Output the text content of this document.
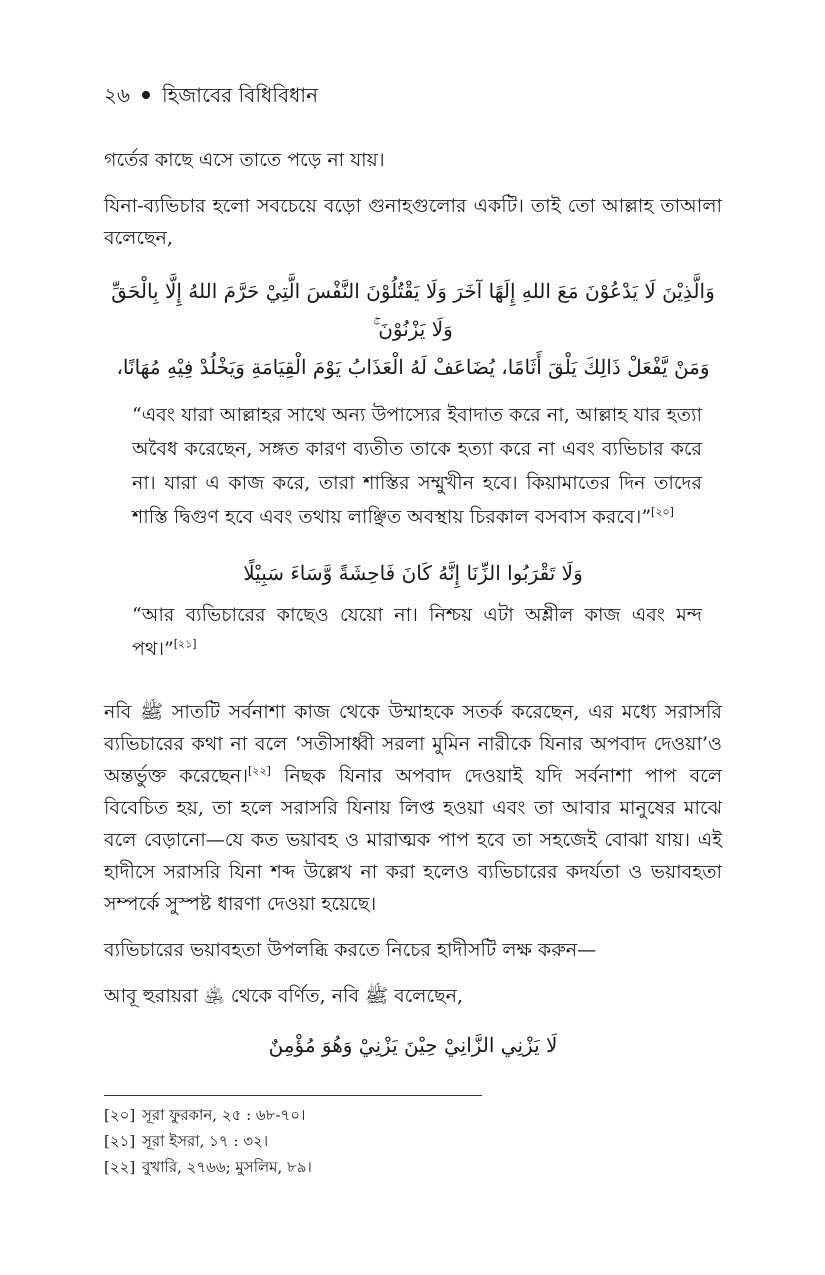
২৬ হিজাবের বিধিবিধান

গর্তের কাছে এসে তাতে পড়ে না যায়।

যিনা-ব্যভিচার হলো সবচেয়ে বড়ো গুনাহগুলোর একটি। তাই তো আল্লাহ তাআলা বলেছেন,

وَالَّذِيْنَ لَا يَدْعُوْنَ مَعَ اللهِ إِلَهًا آخَرَ وَلَا يَقْتُلُوْنَ النَّفْسَ الَّتِيْ حَرَّمَ اللهُ إِلَّا بِالْحَقِّ وَلَا يَزْنُوْنَ ۚ
وَمَنْ يَّفْعَلْ ذَالِكَ يَلْقَ أَثَامًا، يُضَاعَفْ لَهُ الْعَذَابُ يَوْمَ الْقِيَامَةِ وَيَخْلُدْ فِيْهِ مُهَانًا،

“এবং যারা আল্লাহর সাথে অন্য উপাস্যের ইবাদাত করে না, আল্লাহ যার হত্যা অবৈধ করেছেন, সঙ্গত কারণ ব্যতীত তাকে হত্যা করে না এবং ব্যভিচার করে না। যারা এ কাজ করে, তারা শাস্তির সম্মুখীন হবে। কিয়ামাতের দিন তাদের শাস্তি দ্বিগুণ হবে এবং তথায় লাঞ্ছিত অবস্থায় চিরকাল বসবাস করবে।”[২০]

وَلَا تَقْرَبُوا الزِّنَا إِنَّهُ كَانَ فَاحِشَةً وَّسَاءَ سَبِيْلًا

“আর ব্যভিচারের কাছেও যেয়ো না। নিশ্চয় এটা অশ্লীল কাজ এবং মন্দ পথ।”[২১]

নবি ﷺ সাতটি সর্বনাশা কাজ থেকে উম্মাহকে সতর্ক করেছেন, এর মধ্যে সরাসরি ব্যভিচারের কথা না বলে ‘সতীসাধ্বী সরলা মুমিন নারীকে যিনার অপবাদ দেওয়া’ও অন্তর্ভুক্ত করেছেন।[২২] নিছক যিনার অপবাদ দেওয়াই যদি সর্বনাশা পাপ বলে বিবেচিত হয়, তা হলে সরাসরি যিনায় লিপ্ত হওয়া এবং তা আবার মানুষের মাঝে বলে বেড়ানো—যে কত ভয়াবহ ও মারাত্মক পাপ হবে তা সহজেই বোঝা যায়। এই হাদীসে সরাসরি যিনা শব্দ উল্লেখ না করা হলেও ব্যভিচারের কদর্যতা ও ভয়াবহতা সম্পর্কে সুস্পষ্ট ধারণা দেওয়া হয়েছে।

ব্যভিচারের ভয়াবহতা উপলব্ধি করতে নিচের হাদীসটি লক্ষ করুন—

আবূ হুরায়রা ﵁ থেকে বর্ণিত, নবি ﷺ বলেছেন,

لَا يَزْنِي الزَّانِيْ حِيْنَ يَزْنِيْ وَهُوَ مُؤْمِنٌ
[২০] সূরা ফুরকান, ২৫ : ৬৮-৭০।
[২১] সূরা ইসরা, ১৭ : ৩২।
[২২] বুখারি, ২৭৬৬; মুসলিম, ৮৯।
